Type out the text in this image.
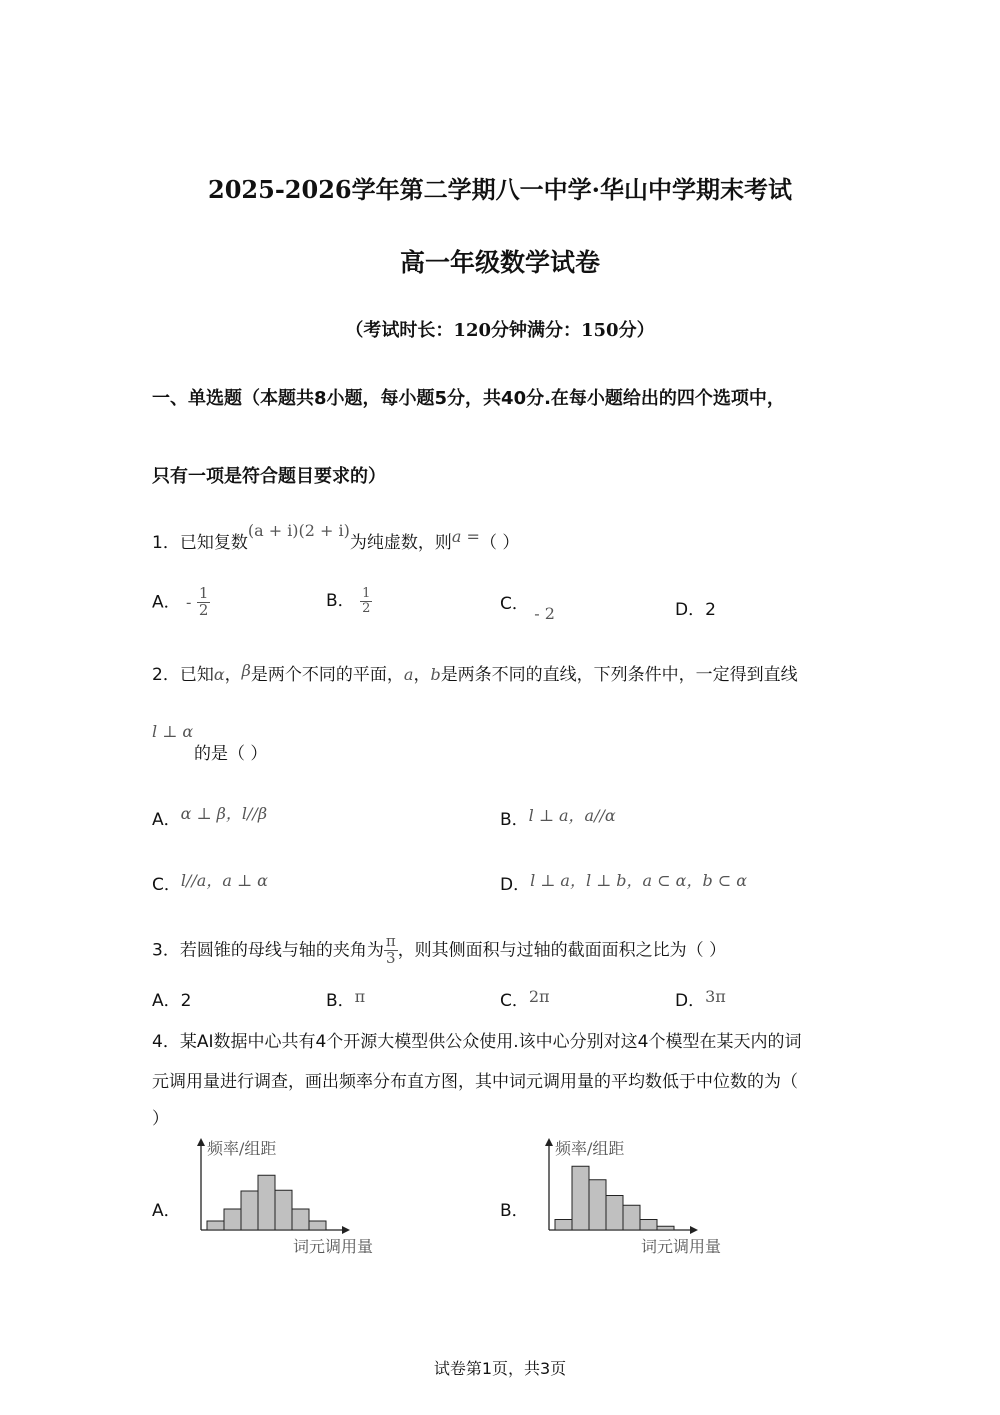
2025-2026学年第二学期八一中学·华山中学期末考试
高一年级数学试卷
（考试时长：120分钟满分：150分）
一、单选题（本题共8小题，每小题5分，共40分.在每小题给出的四个选项中，
只有一项是符合题目要求的）
1．已知复数(a + i)(2 + i)为纯虚数，则a =（ ）
A． - $\frac{1}{2}$	B． $\frac{1}{2}$	C． - 2	D．2
2．已知α，β是两个不同的平面，a，b是两条不同的直线，下列条件中，一定得到直线
l ⊥ α
的是（ ）
A．α ⊥ β，l//β	B．l ⊥ a，a//α
C．l//a，a ⊥ α	D．l ⊥ a，l ⊥ b，a ⊂ α，b ⊂ α
3．若圆锥的母线与轴的夹角为 $\frac{\pi}{3}$ ，则其侧面积与过轴的截面面积之比为（ ）
A．2	B．π	C．2π	D．3π
4．某AI数据中心共有4个开源大模型供公众使用.该中心分别对这4个模型在某天内的词
元调用量进行调查，画出频率分布直方图，其中词元调用量的平均数低于中位数的为（
）
A．
频率/组距
词元调用量
B．
频率/组距
词元调用量
试卷第1页，共3页
